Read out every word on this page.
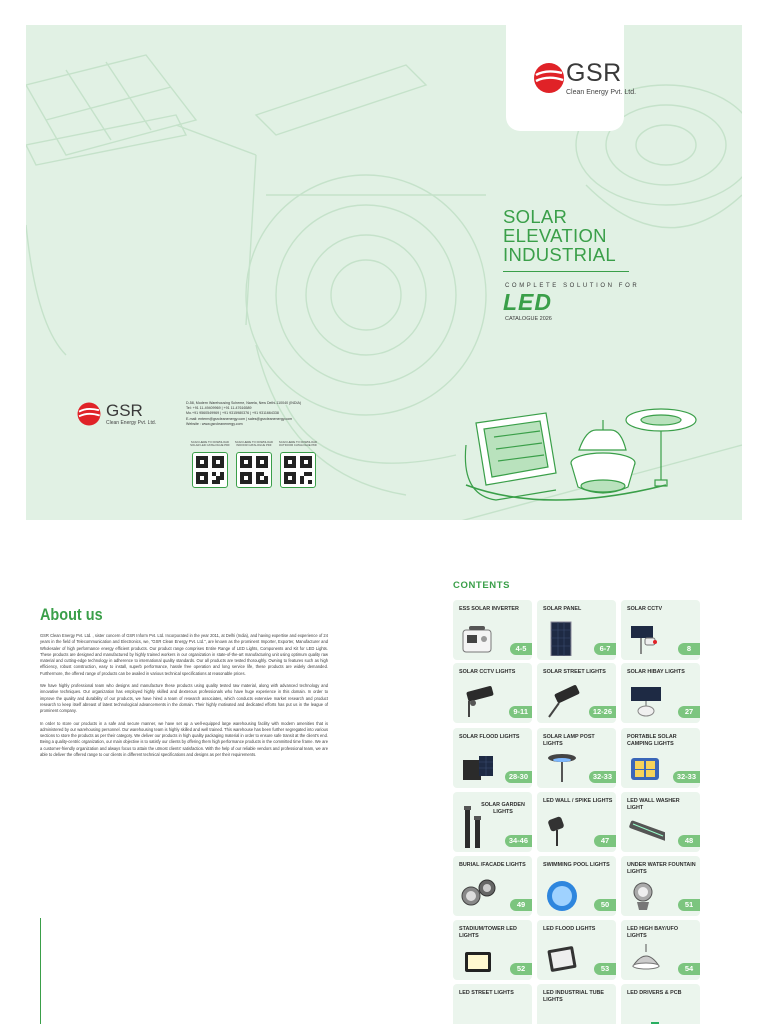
GSR
Clean Energy Pvt. Ltd.
SOLAR
ELEVATION
INDUSTRIAL
COMPLETE SOLUTION FOR
LED
CATALOGUE 2026
GSR
Clean Energy Pvt. Ltd.
D-58, Modern Warehousing Scheme, Narela, New Delhi-110040 (INDIA)
Tel: +91 11-49409969 | +91 11-47616589
Mo.+91 9560549969 | +91 9315980376 | +91 9311664338
E-mail: enterm@gsrcleanenergy.com | sales@gsrcleanenergy.com
Website : www.gsrcleanenergy.com
SCAN HERE TO DOWNLOAD
SOLAR LED CATALOGUE PDF
SCAN HERE TO DOWNLOAD
INDOOR CATALOGUE PDF
SCAN HERE TO DOWNLOAD
OUTDOOR CATALOGUE PDF
About us

GSR Clean Energy Pvt. Ltd. , sister concern of GSR Inform Pvt. Ltd. Incorporated in the year 2011, at Delhi (India), and having expertise and experience of 24 years in the field of Telecommunication and Electronics, we, "GSR Clean Energy Pvt. Ltd.", are known as the prominent Importer, Exporter, Manufacturer and Wholesaler of high performance energy efficient products. Our product range comprises Entire Range of LED Lights, Components and Kit for LED Lights. These products are designed and manufactured by highly trained workers in our organization in state-of-the-art manufacturing unit using optimum quality raw material and cutting-edge technology in adherence to international quality standards. Our all products are tested thoroughly. Owning to features such as high efficiency, robust construction, easy to install, superb performance, hassle free operation and long service life, these products are widely demanded. Furthermore, the offered range of products can be availed in various technical specifications at reasonable prices.

We have highly professional team who designs and manufacture these products using quality tested raw material, along with advanced technology and innovative techniques. Our organization has employed highly skilled and dexterous professionals who have huge experience in this domain. In order to improve the quality and durability of our products, we have hired a team of research associates, which conducts extensive market research and product research to keep itself abreast of latest technological advancements in the domain. Their highly motivated and dedicated efforts has put us in the league of prominent company.

In order to store our products in a safe and secure manner, we have set up a well-equipped large warehousing facility with modern amenities that is administered by our warehousing personnel. Our warehousing team is highly skilled and well trained. This warehouse has been further segregated into various sections to store the products as per their category. We deliver our products in high quality packaging material in order to ensure safe transit at the client's end. Being a quality-centric organization, our main objective is to satisfy our clients by offering them high performance products in the committed time frame. We are a customer-friendly organization and always focus to attain the utmost clients' satisfaction. With the help of our reliable vendors and professional team, we are able to deliver the offered range to our clients in different technical specifications and designs as per their requirements.

CONTENTS
ESS SOLAR INVERTER
4-5
SOLAR PANEL
6-7
SOLAR CCTV
8
SOLAR CCTV LIGHTS
9-11
SOLAR STREET LIGHTS
12-26
SOLAR HIBAY LIGHTS
27
SOLAR FLOOD LIGHTS
28-30
SOLAR LAMP POST LIGHTS
32-33
PORTABLE SOLAR CAMPING LIGHTS
32-33
SOLAR GARDEN LIGHTS
34-46
LED WALL / SPIKE LIGHTS
47
LED WALL WASHER LIGHT
48
BURIAL /FACADE LIGHTS
49
SWIMMING POOL LIGHTS
50
UNDER WATER FOUNTAIN LIGHTS
51
STADIUM/TOWER LED LIGHTS
52
LED FLOOD LIGHTS
53
LED HIGH BAY/UFO LIGHTS
54
LED STREET LIGHTS	LED INDUSTRIAL TUBE LIGHTS
LED DRIVERS & PCB
